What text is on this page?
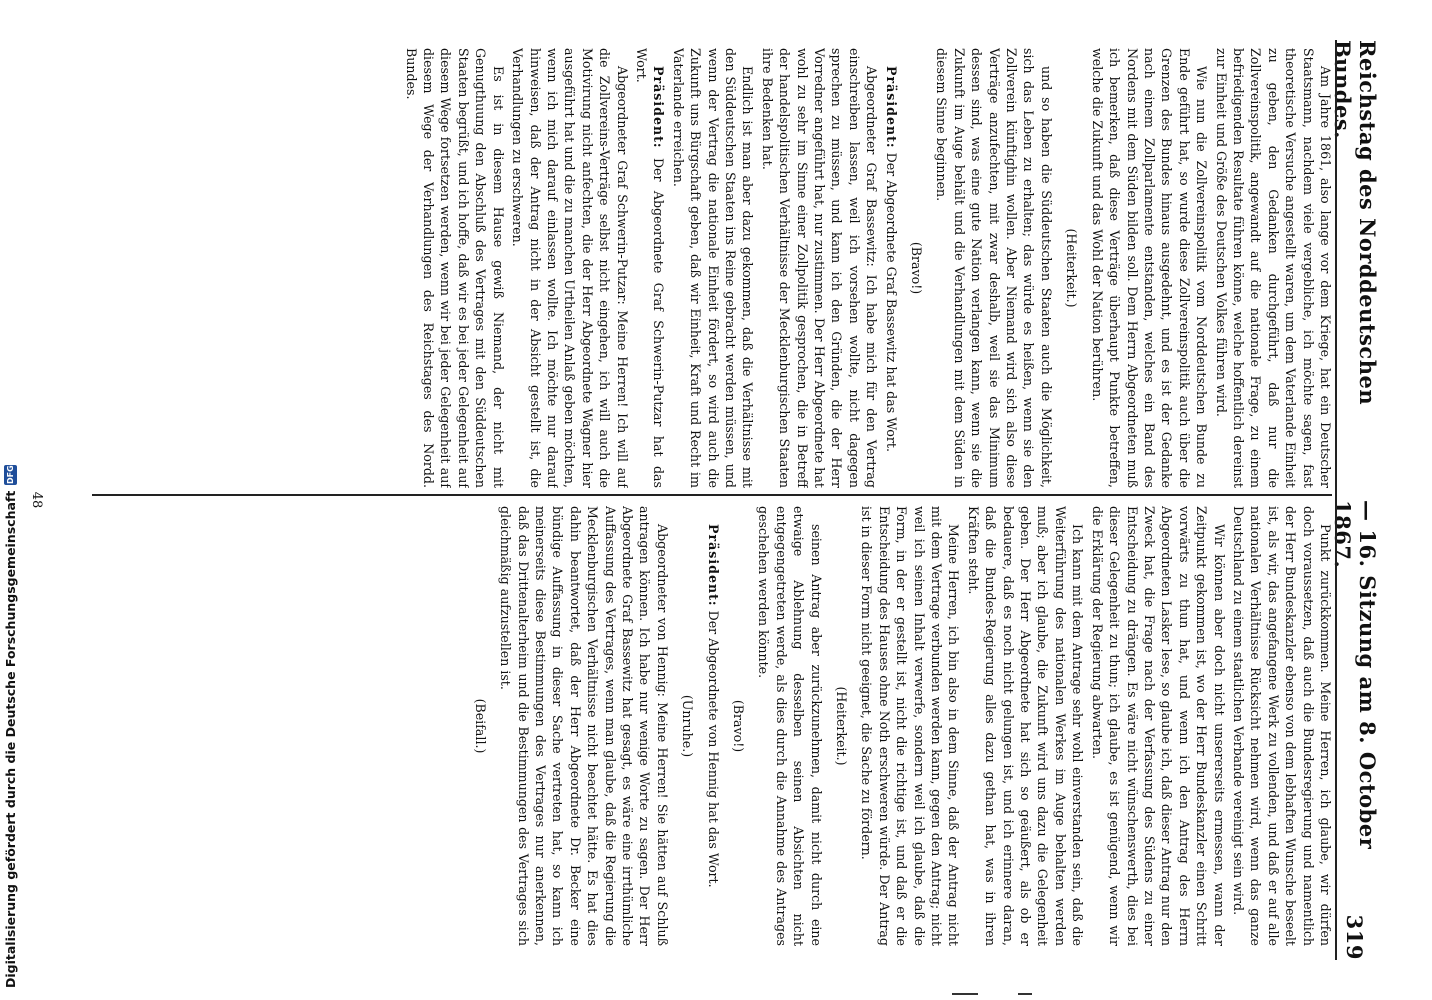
Reichstag des Norddeutschen Bundes.
— 16. Sitzung am 8. October 1867.
319

Am Jahre 1861, also lange vor dem Kriege, hat ein Deutscher Staatsmann, nachdem viele vergebliche, ich möchte sagen, fast theoretische Versuche angestellt waren, um dem Vaterlande Einheit zu geben, den Gedanken durchgeführt, daß nur die Zollvereinspolitik, angewandt auf die nationale Frage, zu einem befriedigenden Resultate führen könne, welche hoffentlich dereinst zur Einheit und Größe des Deutschen Volkes führen wird.

Wie nun die Zollvereinspolitik vom Norddeutschen Bunde zu Ende geführt hat, so wurde diese Zollvereinspolitik auch über die Grenzen des Bundes hinaus ausgedehnt, und es ist der Gedanke nach einem Zollparlamente entstanden, welches ein Band des Nordens mit dem Süden bilden soll. Dem Herrn Abgeordneten muß ich bemerken, daß diese Verträge überhaupt Punkte betreffen, welche die Zukunft und das Wohl der Nation berühren.

(Heiterkeit.)

und so haben die Süddeutschen Staaten auch die Möglichkeit, sich das Leben zu erhalten; das würde es heißen, wenn sie den Zollverein künftighin wollen. Aber Niemand wird sich also diese Verträge anzufechten, mit zwar deshalb, weil sie das Minimum dessen sind, was eine gute Nation verlangen kann, wenn sie die Zukunft im Auge behält und die Verhandlungen mit dem Süden in diesem Sinne beginnen.

(Bravo!)

Präsident: Der Abgeordnete Graf Bassewitz hat das Wort.

Abgeordneter Graf Bassewitz: Ich habe mich für den Vertrag einschreiben lassen, weil ich vorsehen wollte, nicht dagegen sprechen zu müssen, und kann ich den Gründen, die der Herr Vorredner angeführt hat, nur zustimmen. Der Herr Abgeordnete hat wohl zu sehr im Sinne einer Zollpolitik gesprochen, die in Betreff der handelspolitischen Verhältnisse der Mecklenburgischen Staaten ihre Bedenken hat.

Endlich ist man aber dazu gekommen, daß die Verhältnisse mit den Süddeutschen Staaten ins Reine gebracht werden müssen, und wenn der Vertrag die nationale Einheit fördert, so wird auch die Zukunft uns Bürgschaft geben, daß wir Einheit, Kraft und Recht im Vaterlande erreichen.

Präsident: Der Abgeordnete Graf Schwerin-Putzar hat das Wort.

Abgeordneter Graf Schwerin-Putzar: Meine Herren! Ich will auf die Zollvereins-Verträge selbst nicht eingehen, ich will auch die Motivirung nicht anfechten, die der Herr Abgeordnete Wagner hier ausgeführt hat und die zu manchen Urtheilen Anlaß geben möchten, wenn ich mich darauf einlassen wollte. Ich möchte nur darauf hinweisen, daß der Antrag nicht in der Absicht gestellt ist, die Verhandlungen zu erschweren.

Es ist in diesem Hause gewiß Niemand, der nicht mit Genugthuung den Abschluß des Vertrages mit den Süddeutschen Staaten begrüßt, und ich hoffe, daß wir es bei jeder Gelegenheit auf diesem Wege fortsetzen werden, wenn wir bei jeder Gelegenheit auf diesem Wege der Verhandlungen des Reichstages des Nordd. Bundes.

Punkt zurückkommen. Meine Herren, ich glaube, wir dürfen doch voraussetzen, daß auch die Bundesregierung und namentlich der Herr Bundeskanzler ebenso von dem lebhaften Wunsche beseelt ist, als wir, das angefangene Werk zu vollenden, und daß er auf alle nationalen Verhältnisse Rücksicht nehmen wird, wenn das ganze Deutschland zu einem staatlichen Verbande vereinigt sein wird.

Wir können aber doch nicht unsererseits ermessen, wann der Zeitpunkt gekommen ist, wo der Herr Bundeskanzler einen Schritt vorwärts zu thun hat, und wenn ich den Antrag des Herrn Abgeordneten Lasker lese, so glaube ich, daß dieser Antrag nur den Zweck hat, die Frage nach der Verfassung des Südens zu einer Entscheidung zu drängen. Es wäre nicht wünschenswerth, dies bei dieser Gelegenheit zu thun; ich glaube, es ist genügend, wenn wir die Erklärung der Regierung abwarten.

Ich kann mit dem Antrage sehr wohl einverstanden sein, daß die Weiterführung des nationalen Werkes im Auge behalten werden muß; aber ich glaube, die Zukunft wird uns dazu die Gelegenheit geben. Der Herr Abgeordnete hat sich so geäußert, als ob er bedauere, daß es noch nicht gelungen ist, und ich erinnere daran, daß die Bundes-Regierung alles dazu gethan hat, was in ihren Kräften steht.

Meine Herren, ich bin also in dem Sinne, daß der Antrag nicht mit dem Vertrage verbunden werden kann, gegen den Antrag; nicht weil ich seinen Inhalt verwerfe, sondern weil ich glaube, daß die Form, in der er gestellt ist, nicht die richtige ist, und daß er die Entscheidung des Hauses ohne Noth erschweren würde. Der Antrag ist in dieser Form nicht geeignet, die Sache zu fördern.

(Heiterkeit.)

seinen Antrag aber zurückzunehmen, damit nicht durch eine etwaige Ablehnung desselben seinen Absichten nicht entgegengetreten werde, als dies durch die Annahme des Antrages geschehen werden könnte.

(Bravo!)

Präsident: Der Abgeordnete von Hennig hat das Wort.

(Unruhe.)

Abgeordneter von Hennig: Meine Herren! Sie hätten auf Schluß antragen können. Ich habe nur wenige Worte zu sagen. Der Herr Abgeordnete Graf Bassewitz hat gesagt, es wäre eine irrthümliche Auffassung des Vertrages, wenn man glaube, daß die Regierung die Mecklenburgischen Verhältnisse nicht beachtet hätte. Es hat dies dahin beantwortet, daß der Herr Abgeordnete Dr. Becker eine bündige Auffassung in dieser Sache vertreten hat, so kann ich meinerseits diese Bestimmungen des Vertrages nur anerkennen, daß das Drittenalterheim und die Bestimmungen des Vertrages sich gleichmäßig aufzustellen ist.

(Beifall.)

48
Digitalisierung gefördert durch die Deutsche Forschungsgemeinschaft
DFG
